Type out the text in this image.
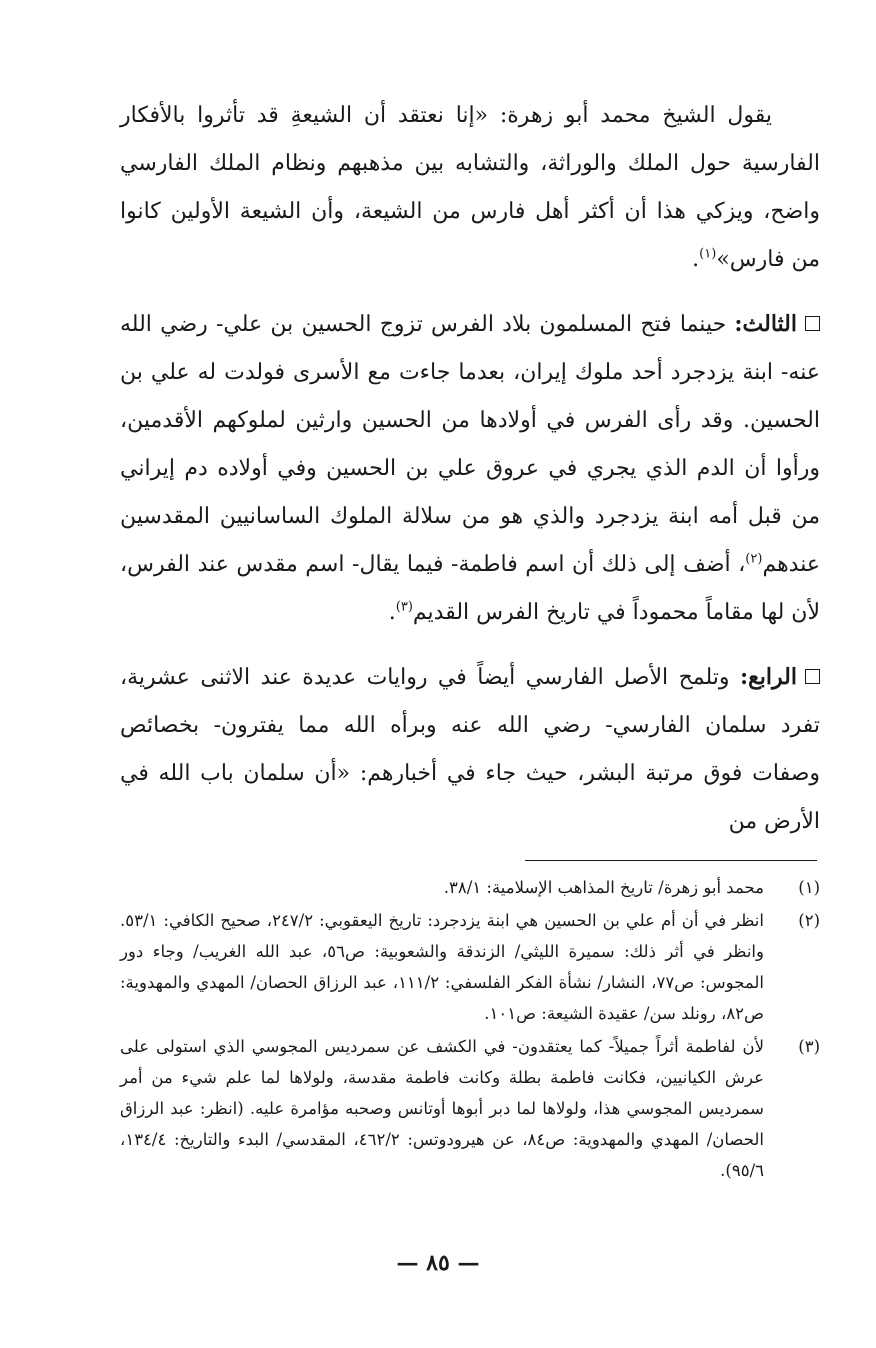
يقول الشيخ محمد أبو زهرة: «إنا نعتقد أن الشيعةِ قد تأثروا بالأفكار الفارسية حول الملك والوراثة، والتشابه بين مذهبهم ونظام الملك الفارسي واضح، ويزكي هذا أن أكثر أهل فارس من الشيعة، وأن الشيعة الأولين كانوا من فارس»$^{(١)}$.

الثالث: حينما فتح المسلمون بلاد الفرس تزوج الحسين بن علي- رضي الله عنه- ابنة يزدجرد أحد ملوك إيران، بعدما جاءت مع الأسرى فولدت له علي بن الحسين. وقد رأى الفرس في أولادها من الحسين وارثين لملوكهم الأقدمين، ورأوا أن الدم الذي يجري في عروق علي بن الحسين وفي أولاده دم إيراني من قبل أمه ابنة يزدجرد والذي هو من سلالة الملوك الساسانيين المقدسين عندهم$^{(٢)}$، أضف إلى ذلك أن اسم فاطمة- فيما يقال- اسم مقدس عند الفرس، لأن لها مقاماً محموداً في تاريخ الفرس القديم$^{(٣)}$.

الرابع: وتلمح الأصل الفارسي أيضاً في روايات عديدة عند الاثنى عشرية، تفرد سلمان الفارسي- رضي الله عنه وبرأه الله مما يفترون- بخصائص وصفات فوق مرتبة البشر، حيث جاء في أخبارهم: «أن سلمان باب الله في الأرض من

(١)
محمد أبو زهرة/ تاريخ المذاهب الإسلامية: ٣٨/١.
(٢)
انظر في أن أم علي بن الحسين هي ابنة يزدجرد: تاريخ اليعقوبي: ٢٤٧/٢، صحيح الكافي: ٥٣/١. وانظر في أثر ذلك: سميرة الليثي/ الزندقة والشعوبية: ص٥٦، عبد الله الغريب/ وجاء دور المجوس: ص٧٧، النشار/ نشأة الفكر الفلسفي: ١١١/٢، عبد الرزاق الحصان/ المهدي والمهدوية: ص٨٢، رونلد سن/ عقيدة الشيعة: ص١٠١.
(٣)
لأن لفاطمة أثراً جميلاً- كما يعتقدون- في الكشف عن سمرديس المجوسي الذي استولى على عرش الكيانيين، فكانت فاطمة بطلة وكانت فاطمة مقدسة، ولولاها لما علم شيء من أمر سمرديس المجوسي هذا، ولولاها لما دبر أبوها أوتانس وصحبه مؤامرة عليه. (انظر: عبد الرزاق الحصان/ المهدي والمهدوية: ص٨٤، عن هيرودوتس: ٤٦٢/٢، المقدسي/ البدء والتاريخ: ١٣٤/٤، ٩٥/٦).
— ٨٥ —
